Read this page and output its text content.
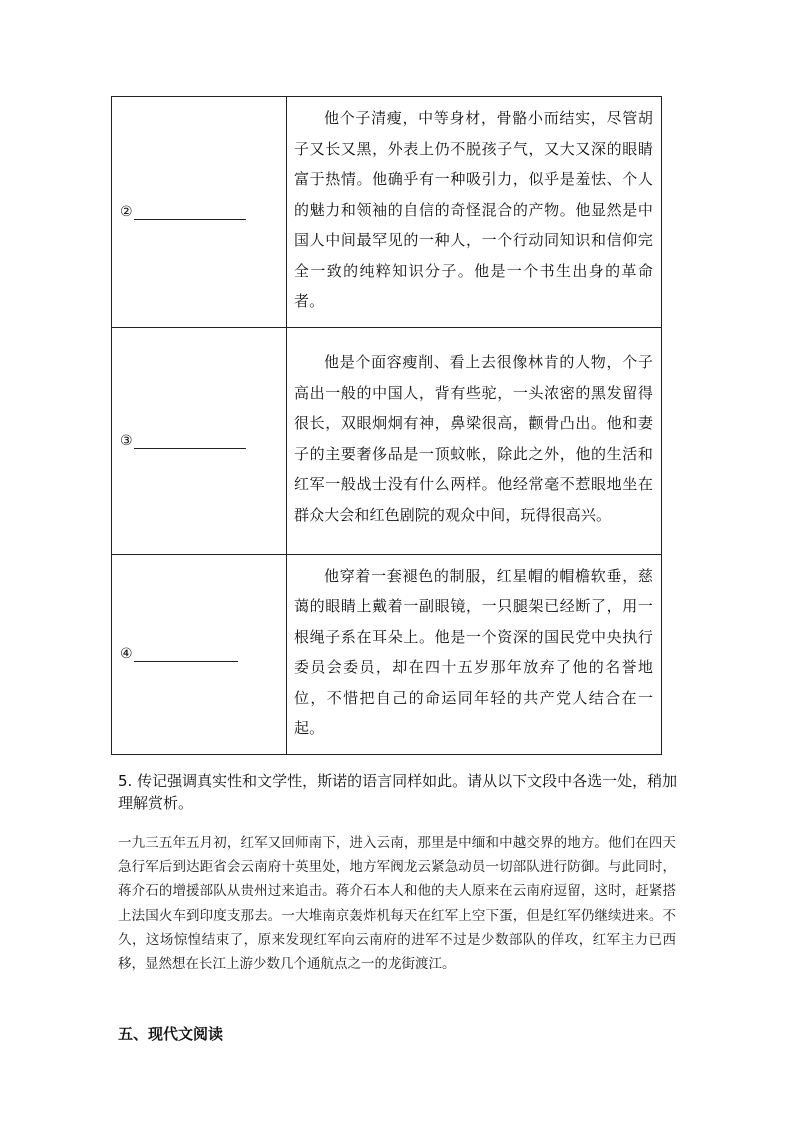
②	他个子清瘦，中等身材，骨骼小而结实，尽管胡子又长又黑，外表上仍不脱孩子气，又大又深的眼睛富于热情。他确乎有一种吸引力，似乎是羞怯、个人的魅力和领袖的自信的奇怪混合的产物。他显然是中国人中间最罕见的一种人，一个行动同知识和信仰完全一致的纯粹知识分子。他是一个书生出身的革命者。

③	他是个面容瘦削、看上去很像林肯的人物，个子高出一般的中国人，背有些驼，一头浓密的黑发留得很长，双眼炯炯有神，鼻梁很高，颧骨凸出。他和妻子的主要奢侈品是一顶蚊帐，除此之外，他的生活和红军一般战士没有什么两样。他经常毫不惹眼地坐在群众大会和红色剧院的观众中间，玩得很高兴。

④	他穿着一套褪色的制服，红星帽的帽檐软垂，慈蔼的眼睛上戴着一副眼镜，一只腿架已经断了，用一根绳子系在耳朵上。他是一个资深的国民党中央执行委员会委员，却在四十五岁那年放弃了他的名誉地位，不惜把自己的命运同年轻的共产党人结合在一起。

5. 传记强调真实性和文学性，斯诺的语言同样如此。请从以下文段中各选一处，稍加理解赏析。

一九三五年五月初，红军又回师南下，进入云南，那里是中缅和中越交界的地方。他们在四天急行军后到达距省会云南府十英里处，地方军阀龙云紧急动员一切部队进行防御。与此同时，蒋介石的增援部队从贵州过来追击。蒋介石本人和他的夫人原来在云南府逗留，这时，赶紧搭上法国火车到印度支那去。一大堆南京轰炸机每天在红军上空下蛋，但是红军仍继续进来。不久，这场惊惶结束了，原来发现红军向云南府的进军不过是少数部队的佯攻，红军主力已西移，显然想在长江上游少数几个通航点之一的龙街渡江。

五、现代文阅读
